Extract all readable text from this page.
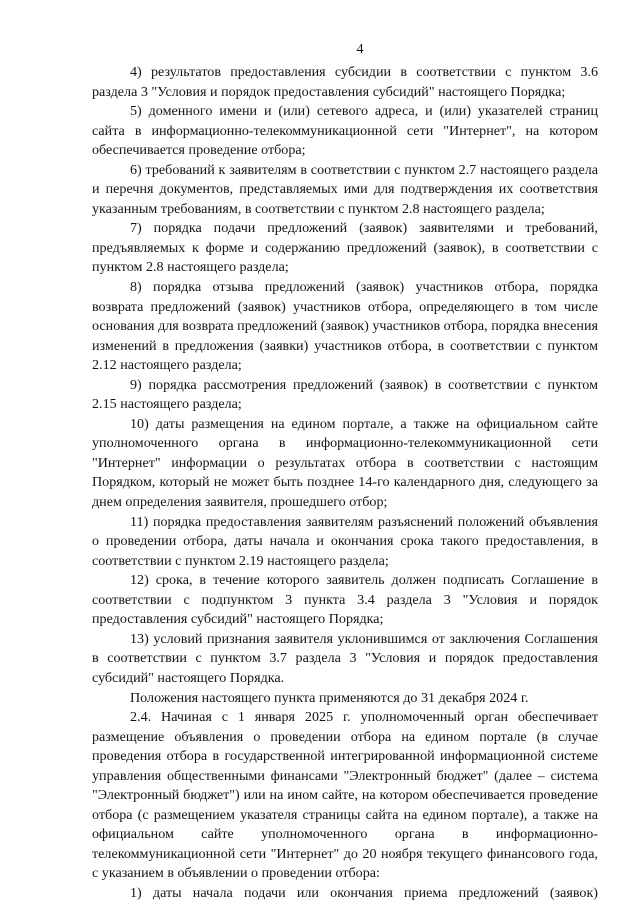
4

4) результатов предоставления субсидии в соответствии с пунктом 3.6 раздела 3 "Условия и порядок предоставления субсидий" настоящего Порядка;

5) доменного имени и (или) сетевого адреса, и (или) указателей страниц сайта в информационно-телекоммуникационной сети "Интернет", на котором обеспечивается проведение отбора;

6) требований к заявителям в соответствии с пунктом 2.7 настоящего раздела и перечня документов, представляемых ими для подтверждения их соответствия указанным требованиям, в соответствии с пунктом 2.8 настоящего раздела;

7) порядка подачи предложений (заявок) заявителями и требований, предъявляемых к форме и содержанию предложений (заявок), в соответствии с пунктом 2.8 настоящего раздела;

8) порядка отзыва предложений (заявок) участников отбора, порядка возврата предложений (заявок) участников отбора, определяющего в том числе основания для возврата предложений (заявок) участников отбора, порядка внесения изменений в предложения (заявки) участников отбора, в соответствии с пунктом 2.12 настоящего раздела;

9) порядка рассмотрения предложений (заявок) в соответствии с пунктом 2.15 настоящего раздела;

10) даты размещения на едином портале, а также на официальном сайте уполномоченного органа в информационно-телекоммуникационной сети "Интернет" информации о результатах отбора в соответствии с настоящим Порядком, который не может быть позднее 14-го календарного дня, следующего за днем определения заявителя, прошедшего отбор;

11) порядка предоставления заявителям разъяснений положений объявления о проведении отбора, даты начала и окончания срока такого предоставления, в соответствии с пунктом 2.19 настоящего раздела;

12) срока, в течение которого заявитель должен подписать Соглашение в соответствии с подпунктом 3 пункта 3.4 раздела 3 "Условия и порядок предоставления субсидий" настоящего Порядка;

13) условий признания заявителя уклонившимся от заключения Соглашения в соответствии с пунктом 3.7 раздела 3 "Условия и порядок предоставления субсидий" настоящего Порядка.

Положения настоящего пункта применяются до 31 декабря 2024 г.

2.4. Начиная с 1 января 2025 г. уполномоченный орган обеспечивает размещение объявления о проведении отбора на едином портале (в случае проведения отбора в государственной интегрированной информационной системе управления общественными финансами "Электронный бюджет" (далее – система "Электронный бюджет") или на ином сайте, на котором обеспечивается проведение отбора (с размещением указателя страницы сайта на едином портале), а также на официальном сайте уполномоченного органа в информационно-телекоммуникационной сети "Интернет" до 20 ноября текущего финансового года, с указанием в объявлении о проведении отбора:

1) даты начала подачи или окончания приема предложений (заявок)
